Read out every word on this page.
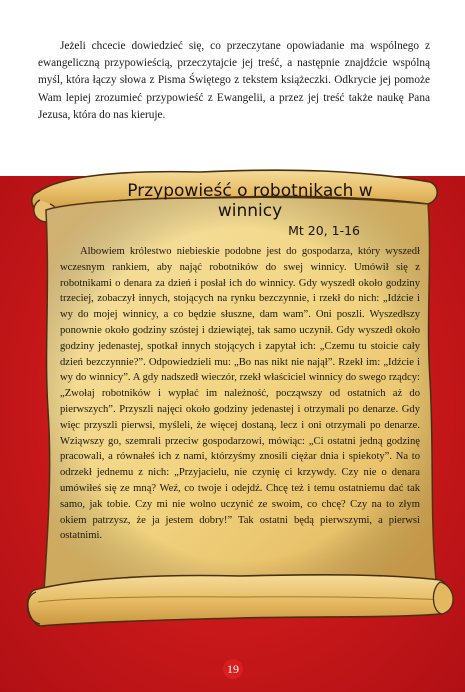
Jeżeli chcecie dowiedzieć się, co przeczytane opowiadanie ma wspólnego z ewangeliczną przypowieścią, przeczytajcie jej treść, a następnie znajdźcie wspólną myśl, która łączy słowa z Pisma Świętego z tekstem książeczki. Odkrycie jej pomoże Wam lepiej zrozumieć przypowieść z Ewangelii, a przez jej treść także naukę Pana Jezusa, która do nas kieruje.

Przypowieść o robotnikach w winnicy
Mt 20, 1-16

Albowiem królestwo niebieskie podobne jest do gospodarza, który wyszedł wczesnym rankiem, aby nająć robotników do swej winnicy. Umówił się z robotnikami o denara za dzień i posłał ich do winnicy. Gdy wyszedł około godziny trzeciej, zobaczył innych, stojących na rynku bezczynnie, i rzekł do nich: „Idźcie i wy do mojej winnicy, a co będzie słuszne, dam wam”. Oni poszli. Wyszedłszy ponownie około godziny szóstej i dziewiątej, tak samo uczynił. Gdy wyszedł około godziny jedenastej, spotkał innych stojących i zapytał ich: „Czemu tu stoicie cały dzień bezczynnie?”. Odpowiedzieli mu: „Bo nas nikt nie najął”. Rzekł im: „Idźcie i wy do winnicy”. A gdy nadszedł wieczór, rzekł właściciel winnicy do swego rządcy: „Zwołaj robotników i wypłać im należność, począwszy od ostatnich aż do pierwszych”. Przyszli najęci około godziny jedenastej i otrzymali po denarze. Gdy więc przyszli pierwsi, myśleli, że więcej dostaną, lecz i oni otrzymali po denarze. Wziąwszy go, szemrali przeciw gospodarzowi, mówiąc: „Ci ostatni jedną godzinę pracowali, a równałeś ich z nami, którzyśmy znosili ciężar dnia i spiekoty”. Na to odrzekł jednemu z nich: „Przyjacielu, nie czynię ci krzywdy. Czy nie o denara umówiłeś się ze mną? Weź, co twoje i odejdź. Chcę też i temu ostatniemu dać tak samo, jak tobie. Czy mi nie wolno uczynić ze swoim, co chcę? Czy na to złym okiem patrzysz, że ja jestem dobry!” Tak ostatni będą pierwszymi, a pierwsi ostatnimi.

19
